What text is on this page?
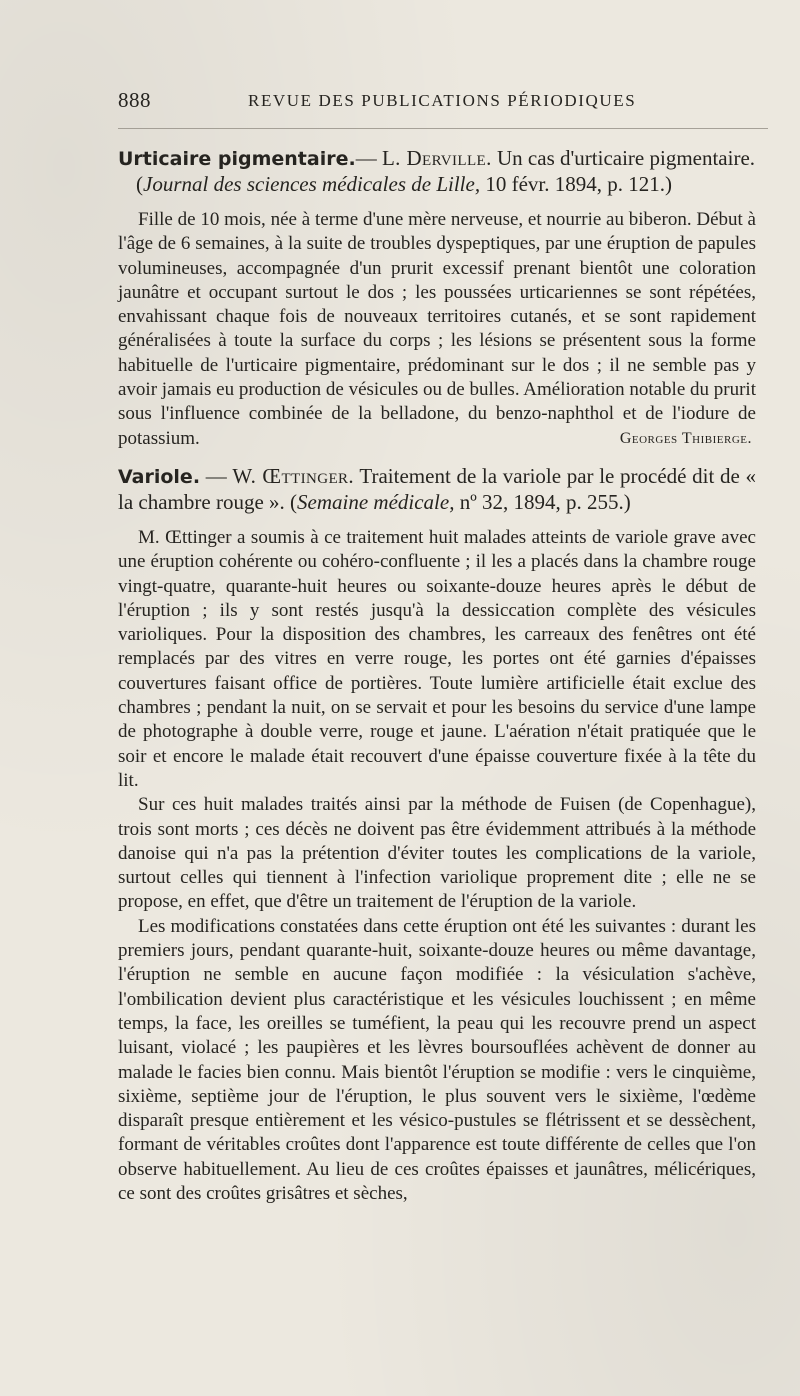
888	REVUE DES PUBLICATIONS PÉRIODIQUES

Urticaire pigmentaire.— L. Derville. Un cas d'urticaire pigmentaire.
(Journal des sciences médicales de Lille, 10 févr. 1894, p. 121.)

Fille de 10 mois, née à terme d'une mère nerveuse, et nourrie au biberon. Début à l'âge de 6 semaines, à la suite de troubles dyspeptiques, par une éruption de papules volumineuses, accompagnée d'un prurit excessif prenant bientôt une coloration jaunâtre et occupant surtout le dos ; les poussées urticariennes se sont répétées, envahissant chaque fois de nouveaux territoires cutanés, et se sont rapidement généralisées à toute la surface du corps ; les lésions se présentent sous la forme habituelle de l'urticaire pigmentaire, prédominant sur le dos ; il ne semble pas y avoir jamais eu production de vésicules ou de bulles. Amélioration notable du prurit sous l'influence combinée de la belladone, du benzo-naphthol et de l'iodure de potassium.	Georges Thibierge.

Variole. — W. Œttinger. Traitement de la variole par le procédé dit de « la chambre rouge ». (Semaine médicale, nº 32, 1894, p. 255.)

M. Œttinger a soumis à ce traitement huit malades atteints de variole grave avec une éruption cohérente ou cohéro-confluente ; il les a placés dans la chambre rouge vingt-quatre, quarante-huit heures ou soixante-douze heures après le début de l'éruption ; ils y sont restés jusqu'à la dessiccation complète des vésicules varioliques. Pour la disposition des chambres, les carreaux des fenêtres ont été remplacés par des vitres en verre rouge, les portes ont été garnies d'épaisses couvertures faisant office de portières. Toute lumière artificielle était exclue des chambres ; pendant la nuit, on se servait et pour les besoins du service d'une lampe de photographe à double verre, rouge et jaune. L'aération n'était pratiquée que le soir et encore le malade était recouvert d'une épaisse couverture fixée à la tête du lit.

Sur ces huit malades traités ainsi par la méthode de Fuisen (de Copenhague), trois sont morts ; ces décès ne doivent pas être évidemment attribués à la méthode danoise qui n'a pas la prétention d'éviter toutes les complications de la variole, surtout celles qui tiennent à l'infection variolique proprement dite ; elle ne se propose, en effet, que d'être un traitement de l'éruption de la variole.

Les modifications constatées dans cette éruption ont été les suivantes : durant les premiers jours, pendant quarante-huit, soixante-douze heures ou même davantage, l'éruption ne semble en aucune façon modifiée : la vésiculation s'achève, l'ombilication devient plus caractéristique et les vésicules louchissent ; en même temps, la face, les oreilles se tuméfient, la peau qui les recouvre prend un aspect luisant, violacé ; les paupières et les lèvres boursouflées achèvent de donner au malade le facies bien connu. Mais bientôt l'éruption se modifie : vers le cinquième, sixième, septième jour de l'éruption, le plus souvent vers le sixième, l'œdème disparaît presque entièrement et les vésico-pustules se flétrissent et se dessèchent, formant de véritables croûtes dont l'apparence est toute différente de celles que l'on observe habituellement. Au lieu de ces croûtes épaisses et jaunâtres, mélicériques, ce sont des croûtes grisâtres et sèches,
